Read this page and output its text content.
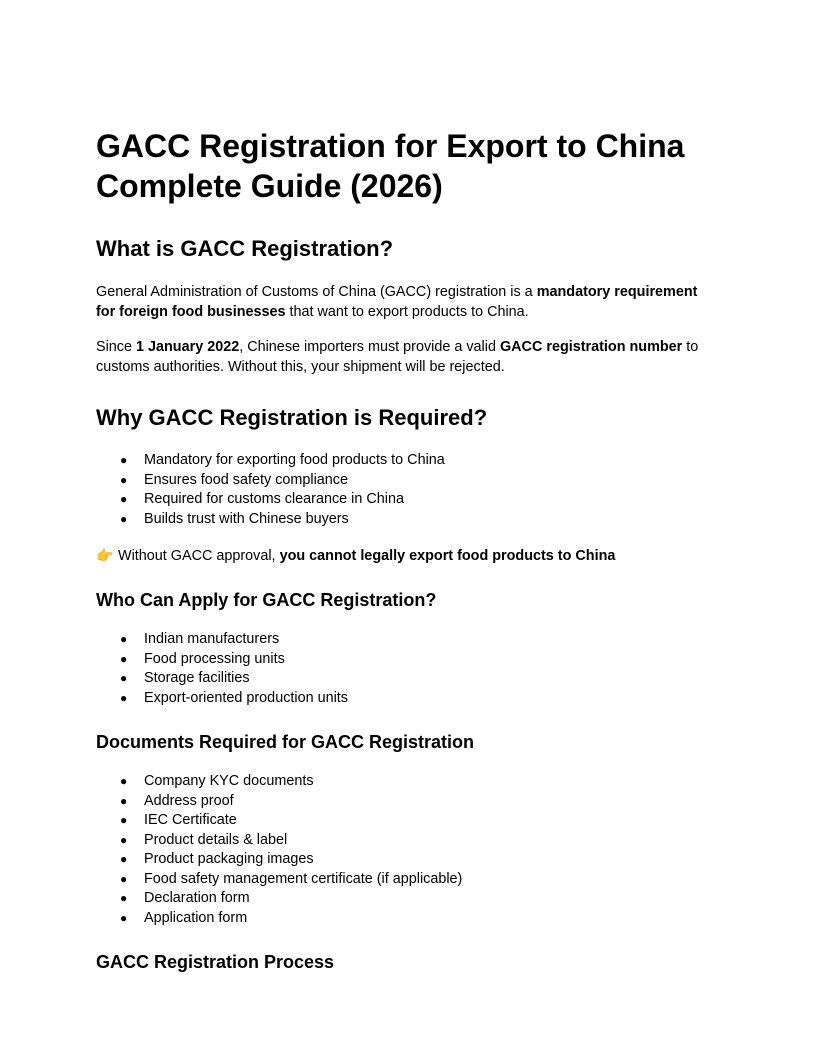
GACC Registration for Export to China
Complete Guide (2026)
What is GACC Registration?

General Administration of Customs of China (GACC) registration is a mandatory requirement for foreign food businesses that want to export products to China.

Since 1 January 2022, Chinese importers must provide a valid GACC registration number to customs authorities. Without this, your shipment will be rejected.

Why GACC Registration is Required?
● Mandatory for exporting food products to China
● Ensures food safety compliance
● Required for customs clearance in China
● Builds trust with Chinese buyers

👉 Without GACC approval, you cannot legally export food products to China

Who Can Apply for GACC Registration?
● Indian manufacturers
● Food processing units
● Storage facilities
● Export-oriented production units
Documents Required for GACC Registration
● Company KYC documents
● Address proof
● IEC Certificate
● Product details & label
● Product packaging images
● Food safety management certificate (if applicable)
● Declaration form
● Application form
GACC Registration Process
